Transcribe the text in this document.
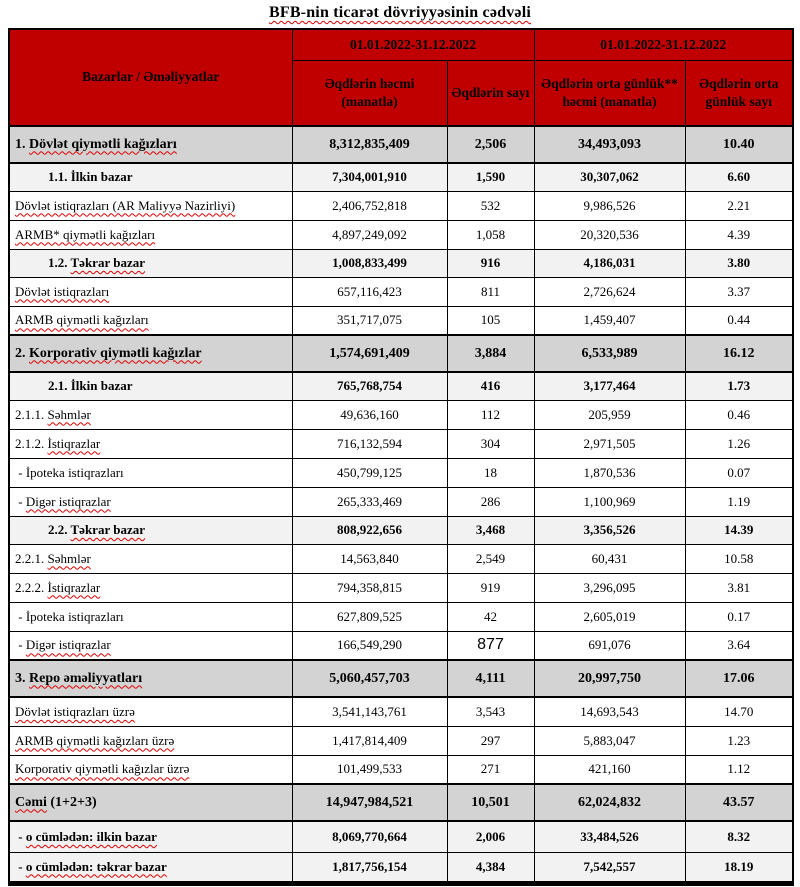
BFB-nin ticarət dövriyyəsinin cədvəli
Bazarlar / Əməliyyatlar	01.01.2022-31.12.2022		01.01.2022-31.12.2022	
	Əqdlərin həcmi (manatla)	Əqdlərin sayı	Əqdlərin orta günlük** həcmi (manatla)	Əqdlərin orta günlük sayı
1. Dövlət qiymətli kağızları	8,312,835,409	2,506	34,493,093	10.40
1.1. İlkin bazar	7,304,001,910	1,590	30,307,062	6.60
Dövlət istiqrazları (AR Maliyyə Nazirliyi)	2,406,752,818	532	9,986,526	2.21
ARMB* qiymətli kağızları	4,897,249,092	1,058	20,320,536	4.39
1.2. Təkrar bazar	1,008,833,499	916	4,186,031	3.80
Dövlət istiqrazları	657,116,423	811	2,726,624	3.37
ARMB qiymətli kağızları	351,717,075	105	1,459,407	0.44
2. Korporativ qiymətli kağızlar	1,574,691,409	3,884	6,533,989	16.12
2.1. İlkin bazar	765,768,754	416	3,177,464	1.73
2.1.1. Səhmlər	49,636,160	112	205,959	0.46
2.1.2. İstiqrazlar	716,132,594	304	2,971,505	1.26
- İpoteka istiqrazları	450,799,125	18	1,870,536	0.07
- Digər istiqrazlar	265,333,469	286	1,100,969	1.19
2.2. Təkrar bazar	808,922,656	3,468	3,356,526	14.39
2.2.1. Səhmlər	14,563,840	2,549	60,431	10.58
2.2.2. İstiqrazlar	794,358,815	919	3,296,095	3.81
- İpoteka istiqrazları	627,809,525	42	2,605,019	0.17
- Digər istiqrazlar	166,549,290	877	691,076	3.64
3. Repo əməliyyatları	5,060,457,703	4,111	20,997,750	17.06
Dövlət istiqrazları üzrə	3,541,143,761	3,543	14,693,543	14.70
ARMB qiymətli kağızları üzrə	1,417,814,409	297	5,883,047	1.23
Korporativ qiymətli kağızlar üzrə	101,499,533	271	421,160	1.12
Cəmi (1+2+3)	14,947,984,521	10,501	62,024,832	43.57
- o cümlədən: ilkin bazar	8,069,770,664	2,006	33,484,526	8.32
- o cümlədən: təkrar bazar	1,817,756,154	4,384	7,542,557	18.19
